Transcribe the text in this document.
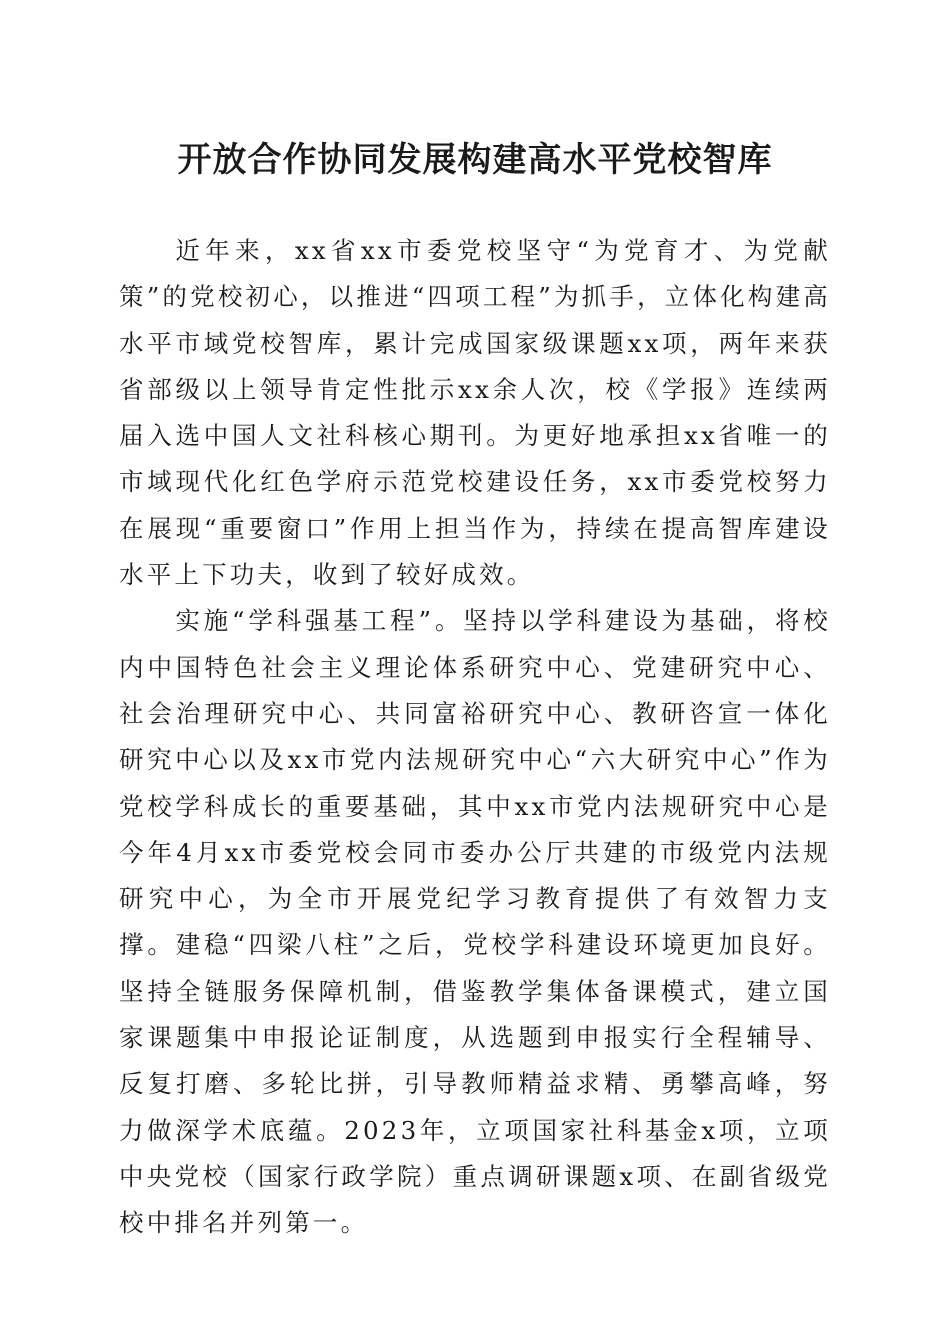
开放合作协同发展构建高水平党校智库

近年来，xx省xx市委党校坚守“为党育才、为党献策”的党校初心，以推进“四项工程”为抓手，立体化构建高水平市域党校智库，累计完成国家级课题xx项，两年来获省部级以上领导肯定性批示xx余人次，校《学报》连续两届入选中国人文社科核心期刊。为更好地承担xx省唯一的市域现代化红色学府示范党校建设任务，xx市委党校努力在展现“重要窗口”作用上担当作为，持续在提高智库建设水平上下功夫，收到了较好成效。

实施“学科强基工程”。坚持以学科建设为基础，将校内中国特色社会主义理论体系研究中心、党建研究中心、社会治理研究中心、共同富裕研究中心、教研咨宣一体化研究中心以及xx市党内法规研究中心“六大研究中心”作为党校学科成长的重要基础，其中xx市党内法规研究中心是今年4月xx市委党校会同市委办公厅共建的市级党内法规研究中心，为全市开展党纪学习教育提供了有效智力支撑。建稳“四梁八柱”之后，党校学科建设环境更加良好。坚持全链服务保障机制，借鉴教学集体备课模式，建立国家课题集中申报论证制度，从选题到申报实行全程辅导、反复打磨、多轮比拼，引导教师精益求精、勇攀高峰，努力做深学术底蕴。2023年，立项国家社科基金x项，立项中央党校（国家行政学院）重点调研课题x项、在副省级党校中排名并列第一。
